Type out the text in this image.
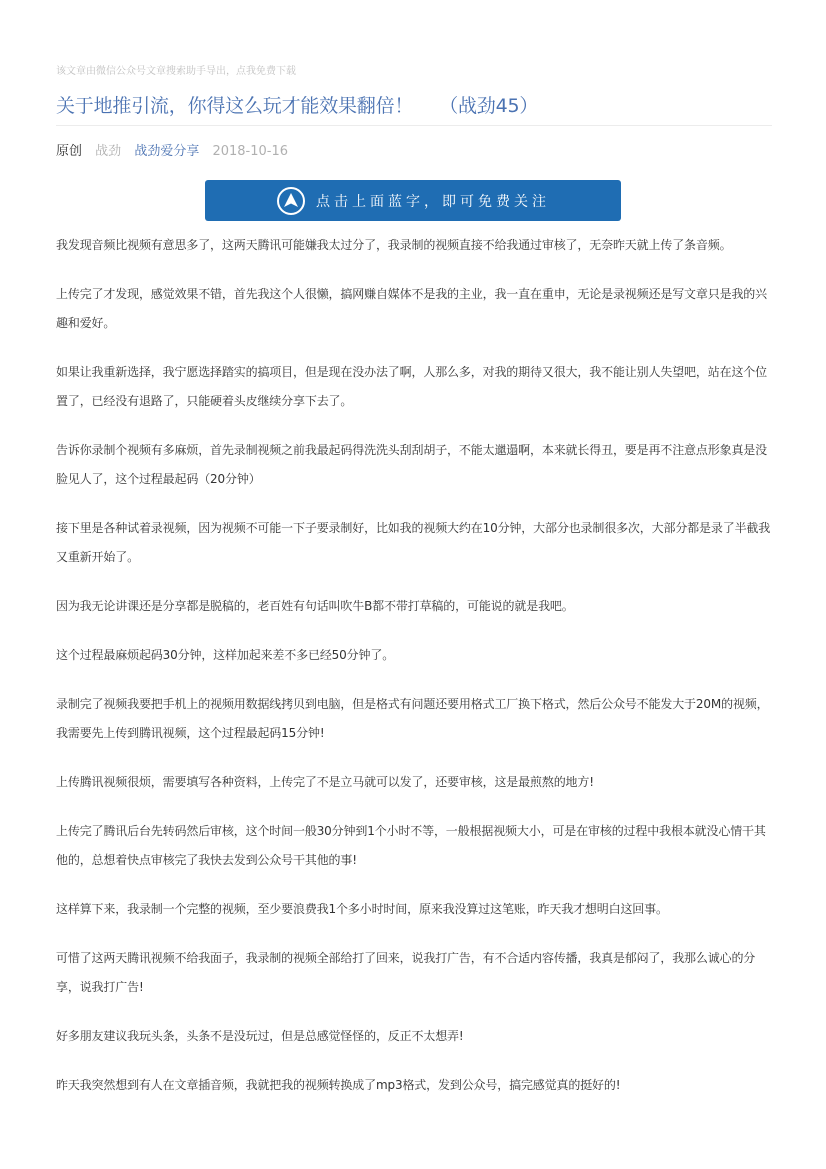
该文章由微信公众号文章搜索助手导出，点我免费下载
关于地推引流，你得这么玩才能效果翻倍！ （战劲45）
原创 战劲 战劲爱分享 2018-10-16
点击上面蓝字，即可免费关注

我发现音频比视频有意思多了，这两天腾讯可能嫌我太过分了，我录制的视频直接不给我通过审核了，无奈昨天就上传了条音频。

上传完了才发现，感觉效果不错，首先我这个人很懒，搞网赚自媒体不是我的主业，我一直在重申，无论是录视频还是写文章只是我的兴趣和爱好。

如果让我重新选择，我宁愿选择踏实的搞项目，但是现在没办法了啊，人那么多，对我的期待又很大，我不能让别人失望吧，站在这个位置了，已经没有退路了，只能硬着头皮继续分享下去了。

告诉你录制个视频有多麻烦，首先录制视频之前我最起码得洗洗头刮刮胡子，不能太邋遢啊，本来就长得丑，要是再不注意点形象真是没脸见人了，这个过程最起码（20分钟）

接下里是各种试着录视频，因为视频不可能一下子要录制好，比如我的视频大约在10分钟，大部分也录制很多次，大部分都是录了半截我又重新开始了。

因为我无论讲课还是分享都是脱稿的，老百姓有句话叫吹牛B都不带打草稿的，可能说的就是我吧。

这个过程最麻烦起码30分钟，这样加起来差不多已经50分钟了。

录制完了视频我要把手机上的视频用数据线拷贝到电脑，但是格式有问题还要用格式工厂换下格式，然后公众号不能发大于20M的视频，我需要先上传到腾讯视频，这个过程最起码15分钟!

上传腾讯视频很烦，需要填写各种资料，上传完了不是立马就可以发了，还要审核，这是最煎熬的地方!

上传完了腾讯后台先转码然后审核，这个时间一般30分钟到1个小时不等，一般根据视频大小，可是在审核的过程中我根本就没心情干其他的，总想着快点审核完了我快去发到公众号干其他的事!

这样算下来，我录制一个完整的视频，至少要浪费我1个多小时时间，原来我没算过这笔账，昨天我才想明白这回事。

可惜了这两天腾讯视频不给我面子，我录制的视频全部给打了回来，说我打广告，有不合适内容传播，我真是郁闷了，我那么诚心的分享，说我打广告!

好多朋友建议我玩头条，头条不是没玩过，但是总感觉怪怪的，反正不太想弄!

昨天我突然想到有人在文章插音频，我就把我的视频转换成了mp3格式，发到公众号，搞完感觉真的挺好的!
